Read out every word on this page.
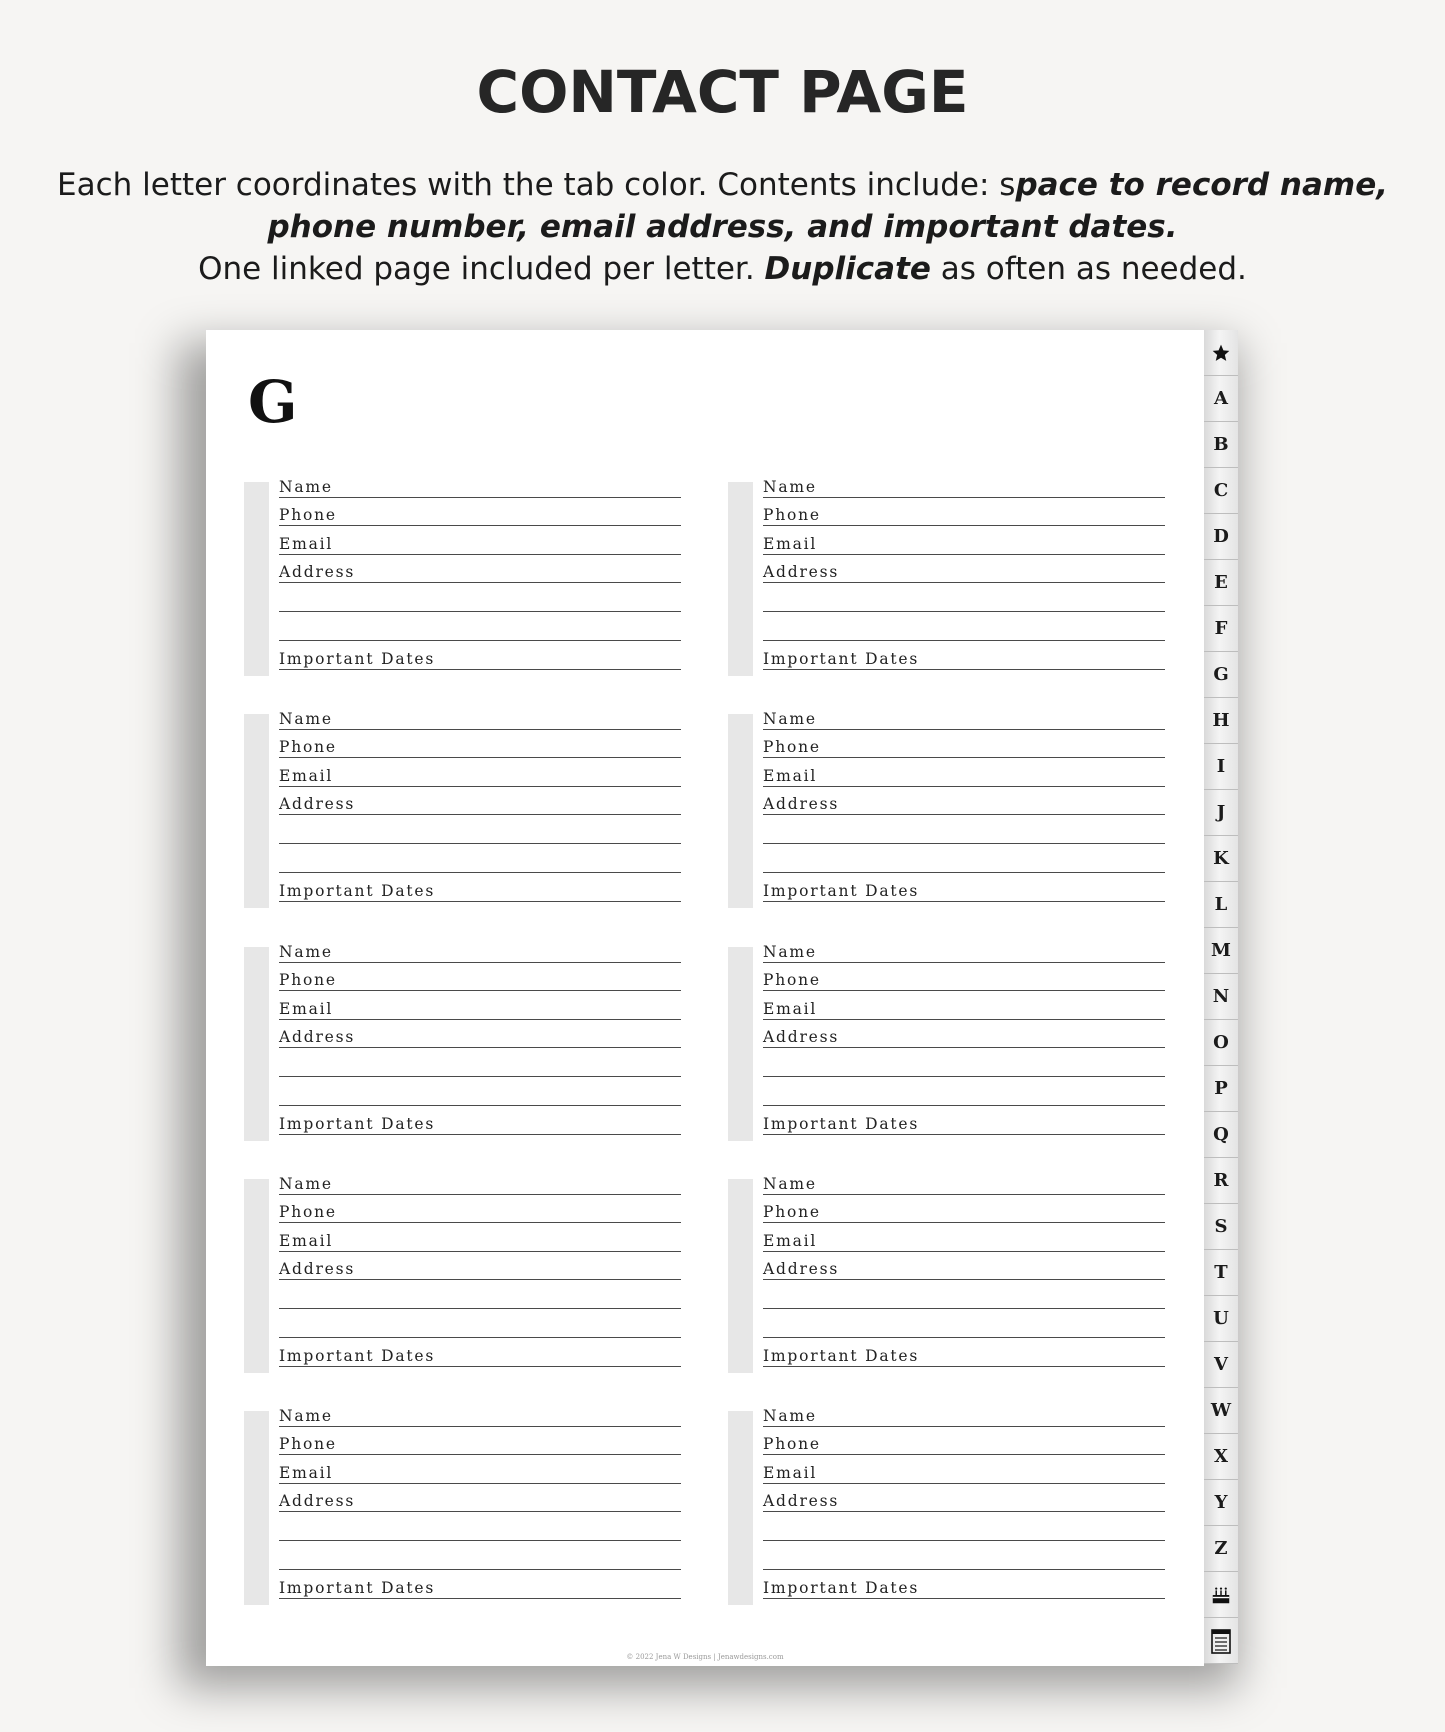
CONTACT PAGE
Each letter coordinates with the tab color. Contents include: space to record name,
phone number, email address, and important dates.
One linked page included per letter. Duplicate as often as needed.
G
© 2022 Jena W Designs | Jenawdesigns.com
Name
Phone
Email
Address
Important Dates
Name
Phone
Email
Address
Important Dates
Name
Phone
Email
Address
Important Dates
Name
Phone
Email
Address
Important Dates
Name
Phone
Email
Address
Important Dates
Name
Phone
Email
Address
Important Dates
Name
Phone
Email
Address
Important Dates
Name
Phone
Email
Address
Important Dates
Name
Phone
Email
Address
Important Dates
Name
Phone
Email
Address
Important Dates
A
B
C
D
E
F
G
H
I
J
K
L
M
N
O
P
Q
R
S
T
U
V
W
X
Y
Z
